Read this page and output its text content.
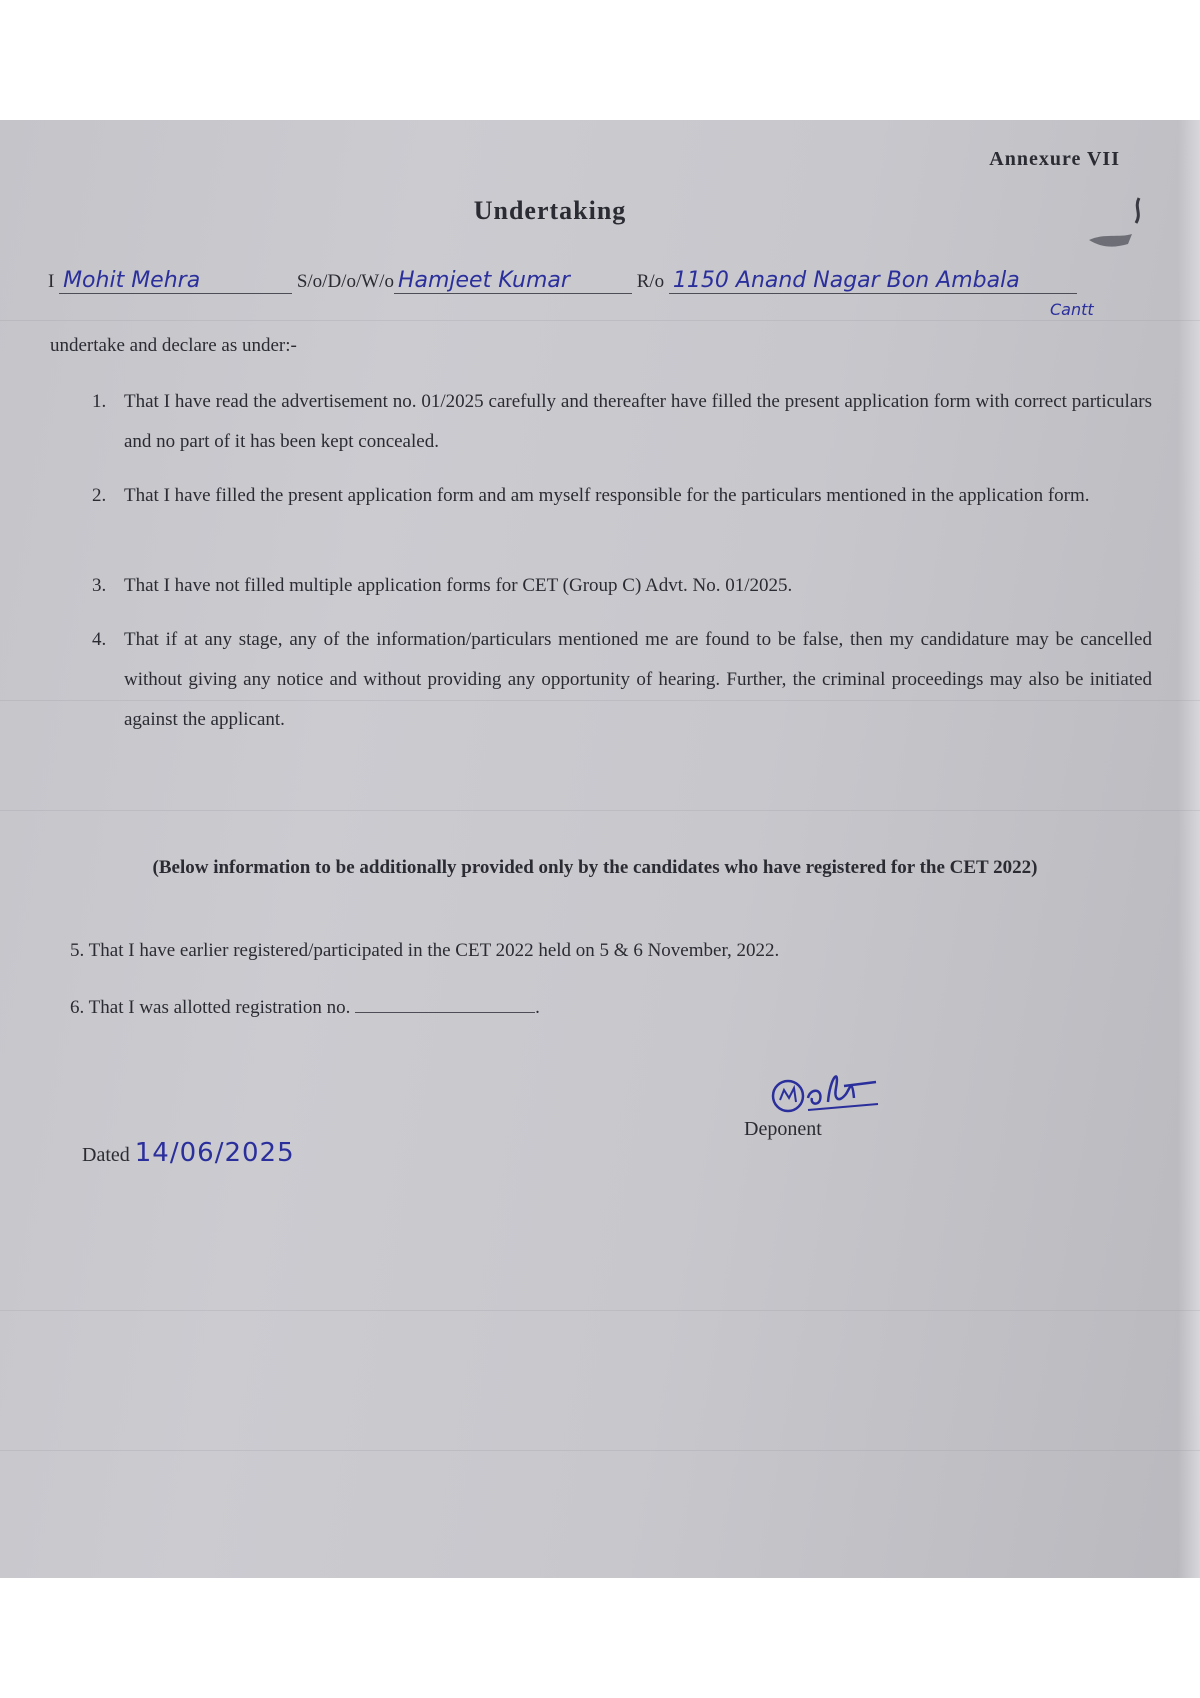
Annexure VII
Undertaking
I Mohit Mehra	S/o/D/o/W/o Hamjeet Kumar	R/o 1150 Anand Nagar Bon Ambala
Cantt
undertake and declare as under:-
1. That I have read the advertisement no. 01/2025 carefully and thereafter have filled the present application form with correct particulars and no part of it has been kept concealed.
2. That I have filled the present application form and am myself responsible for the particulars mentioned in the application form.
3. That I have not filled multiple application forms for CET (Group C) Advt. No. 01/2025.
4. That if at any stage, any of the information/particulars mentioned me are found to be false, then my candidature may be cancelled without giving any notice and without providing any opportunity of hearing. Further, the criminal proceedings may also be initiated against the applicant.
(Below information to be additionally provided only by the candidates who have registered for the CET 2022)
5. That I have earlier registered/participated in the CET 2022 held on 5 & 6 November, 2022.
6. That I was allotted registration no.	.
Deponent
Dated 14/06/2025
